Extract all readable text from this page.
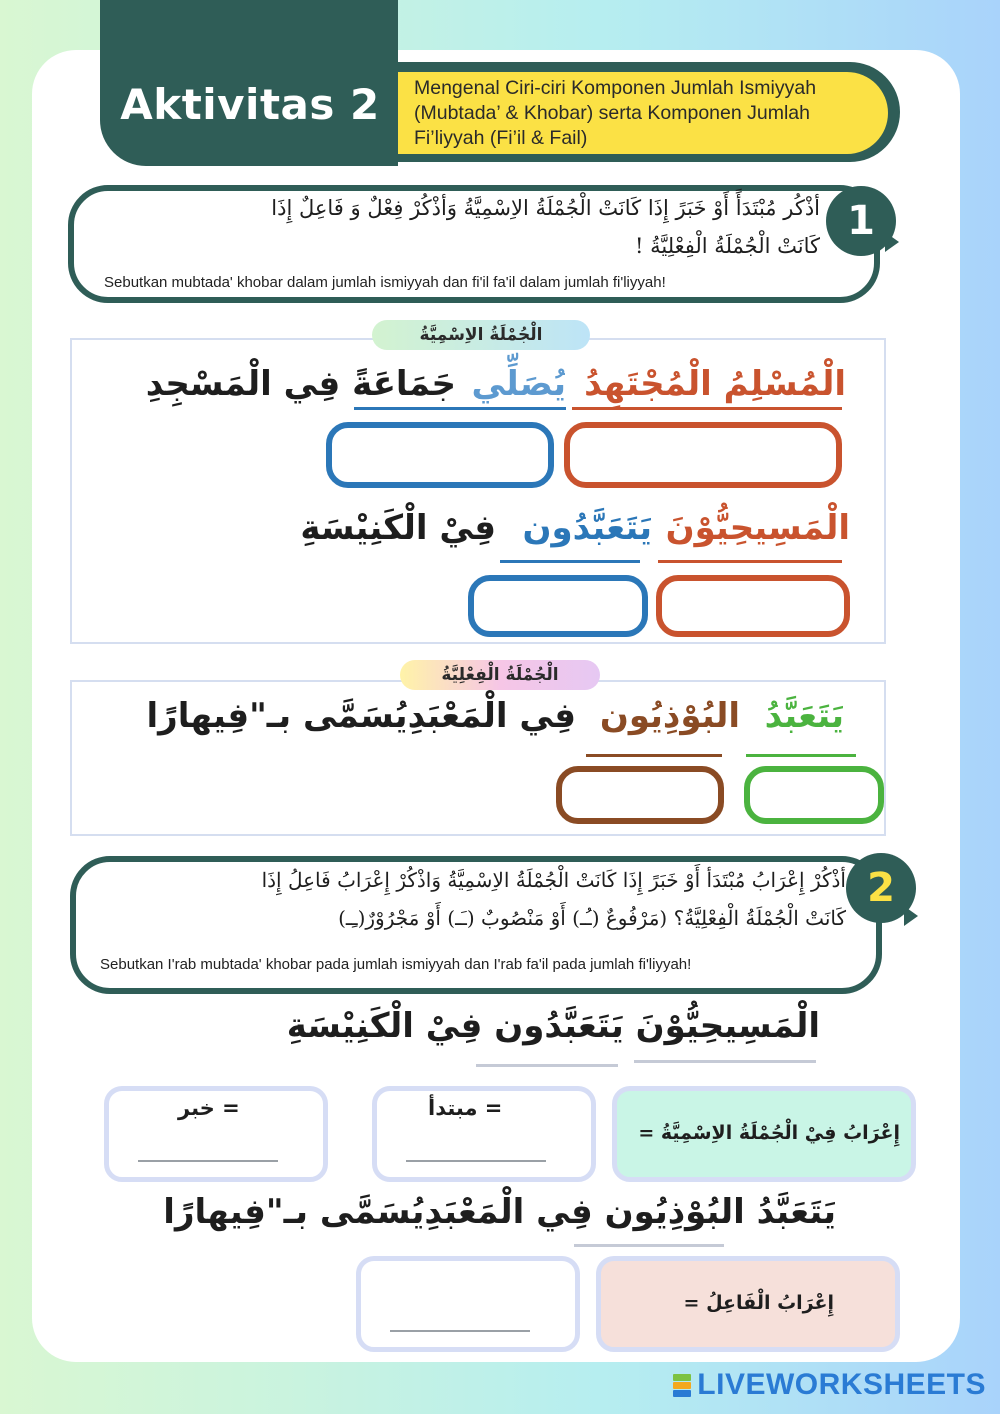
Mengenal Ciri-ciri Komponen Jumlah Ismiyyah (Mubtada’ & Khobar) serta Komponen Jumlah Fi’liyyah (Fi’il & Fail)
Aktivitas 2
1
أذْكُر مُبْتَدَأً أَوْ خَبَرً إِذَا كَانَتْ الْجُمْلَةُ الاِسْمِيَّةُ وَأذْكُرْ فِعْلٌ وَ فَاعِلٌ إِذَا
كَانَتْ الْجُمْلَةُ الْفِعْلِيَّةُ !
Sebutkan mubtada' khobar dalam jumlah ismiyyah dan fi'il fa'il dalam jumlah fi'liyyah!
الْجُمْلَةُ الاِسْمِيَّةُ
الْمُسْلِمُ الْمُجْتَهِدُ
يُصَلِّي
جَمَاعَةً فِي الْمَسْجِدِ
الْمَسِيحِيُّوْنَ
يَتَعَبَّدُون
فِيْ الْكَنِيْسَةِ
الْجُمْلَةُ الْفِعْلِيَّةُ
يَتَعَبَّدُ
البُوْذِيُون
فِي الْمَعْبَدِيُسَمَّى بـ"فِيهارًا
2
أذْكُرْ إِعْرَابُ مُبْتَدَأ أَوْ خَبَرً إِذَا كَانَتْ الْجُمْلَةُ الاِسْمِيَّةُ وَاذْكُرْ إِعْرَابُ فَاعِلُ إِذَا
كَانَتْ الْجُمْلَةُ الْفِعْلِيَّةُ؟ (مَرْفُوعٌ (ـُـ) أَوْ مَنْصُوبٌ (ـَـ) أَوْ مَجْرُوْرٌ(ـِـ)
Sebutkan I'rab mubtada' khobar pada jumlah ismiyyah dan I'rab fa'il pada jumlah fi'liyyah!
الْمَسِيحِيُّوْنَ يَتَعَبَّدُون فِيْ الْكَنِيْسَةِ
خبر =	مبتدأ =
إِعْرَابُ فِيْ الْجُمْلَةُ الاِسْمِيَّةُ =
يَتَعَبَّدُ البُوْذِيُون فِي الْمَعْبَدِيُسَمَّى بـ"فِيهارًا
إِعْرَابُ الْفَاعِلُ =
LIVEWORKSHEETS
